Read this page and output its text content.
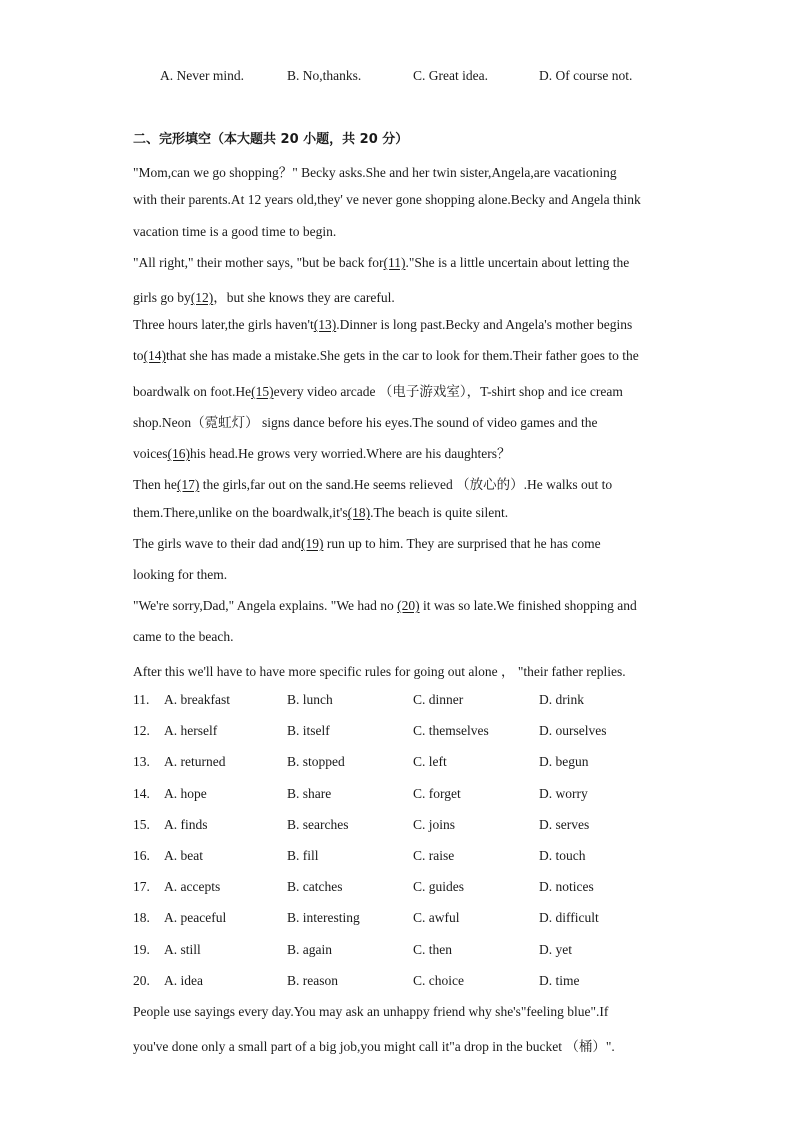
A. Never mind.	B. No,thanks.	C. Great idea.	D. Of course not.
二、完形填空（本大题共 20 小题，共 20 分）
"Mom,can we go shopping？" Becky asks.She and her twin sister,Angela,are vacationing
with their parents.At 12 years old,they' ve never gone shopping alone.Becky and Angela think
vacation time is a good time to begin.
"All right," their mother says, "but be back for(11)."She is a little uncertain about letting the
girls go by(12)，but she knows they are careful.
Three hours later,the girls haven't(13).Dinner is long past.Becky and Angela's mother begins
to(14)that she has made a mistake.She gets in the car to look for them.Their father goes to the
boardwalk on foot.He(15)every video arcade （电子游戏室），T-shirt shop and ice cream
shop.Neon（霓虹灯） signs dance before his eyes.The sound of video games and the
voices(16)his head.He grows very worried.Where are his daughters？
Then he(17) the girls,far out on the sand.He seems relieved （放心的）.He walks out to
them.There,unlike on the boardwalk,it's(18).The beach is quite silent.
The girls wave to their dad and(19) run up to him. They are surprised that he has come
looking for them.
"We're sorry,Dad," Angela explains. "We had no (20) it was so late.We finished shopping and
came to the beach.
After this we'll have to have more specific rules for going out alone ， "their father replies.
11. A. breakfast	B. lunch	C. dinner	D. drink
12. A. herself	B. itself	C. themselves	D. ourselves
13. A. returned	B. stopped	C. left	D. begun
14. A. hope	B. share	C. forget	D. worry
15. A. finds	B. searches	C. joins	D. serves
16. A. beat	B. fill	C. raise	D. touch
17. A. accepts	B. catches	C. guides	D. notices
18. A. peaceful	B. interesting	C. awful	D. difficult
19. A. still	B. again	C. then	D. yet
20. A. idea	B. reason	C. choice	D. time
People use sayings every day.You may ask an unhappy friend why she's"feeling blue".If
you've done only a small part of a big job,you might call it"a drop in the bucket （桶）".
